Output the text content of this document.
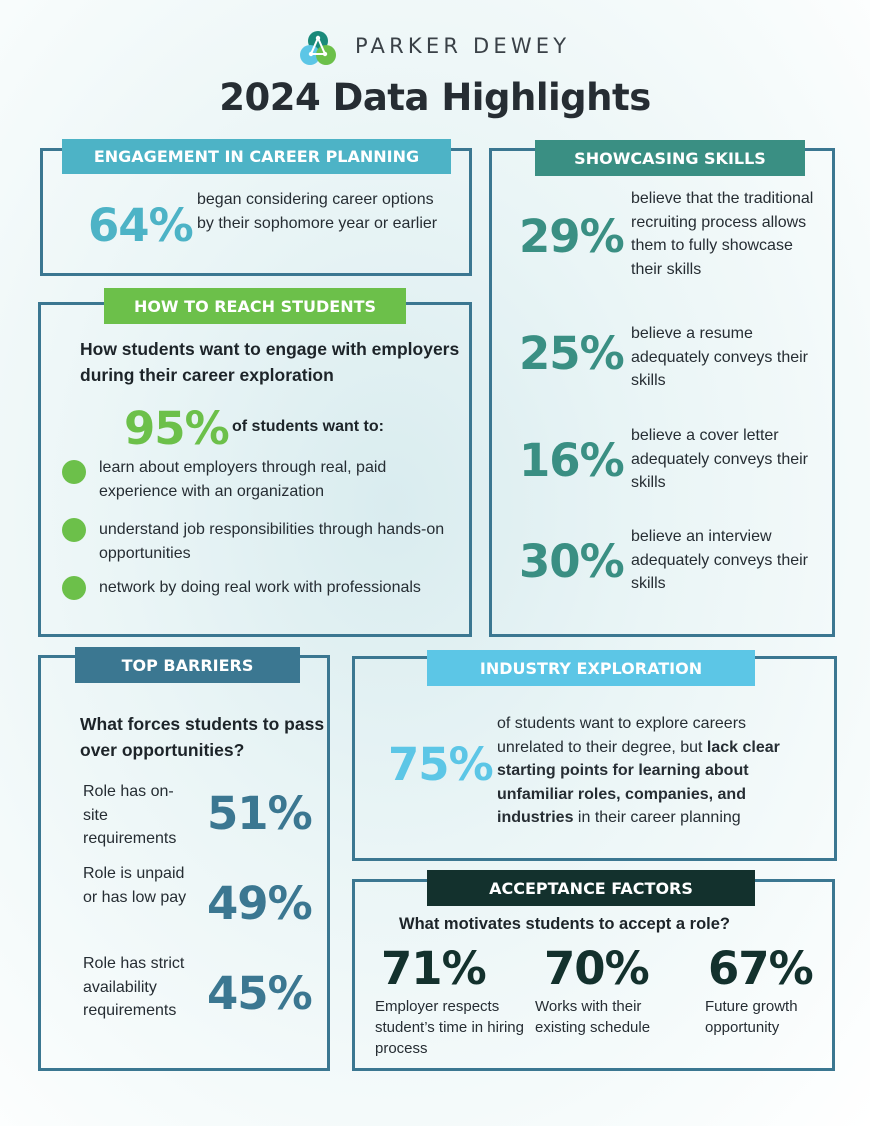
PARKER DEWEY
2024 Data Highlights
ENGAGEMENT IN CAREER PLANNING
64% began considering career options by their sophomore year or earlier
HOW TO REACH STUDENTS
How students want to engage with employers during their career exploration
95% of students want to:
learn about employers through real, paid experience with an organization
understand job responsibilities through hands-on opportunities
network by doing real work with professionals
SHOWCASING SKILLS
29%
believe that the traditional recruiting process allows them to fully showcase their skills
25% believe a resume adequately conveys their skills
16% believe a cover letter adequately conveys their skills
30% believe an interview adequately conveys their skills
TOP BARRIERS
What forces students to pass over opportunities?
Role has on-site requirements 51%
Role is unpaid or has low pay 49%
Role has strict availability requirements 45%
INDUSTRY EXPLORATION
75%
of students want to explore careers unrelated to their degree, but lack clear starting points for learning about unfamiliar roles, companies, and industries in their career planning
ACCEPTANCE FACTORS
What motivates students to accept a role?
71%
Employer respects student’s time in hiring process
70%
Works with their existing schedule
67%
Future growth opportunity
